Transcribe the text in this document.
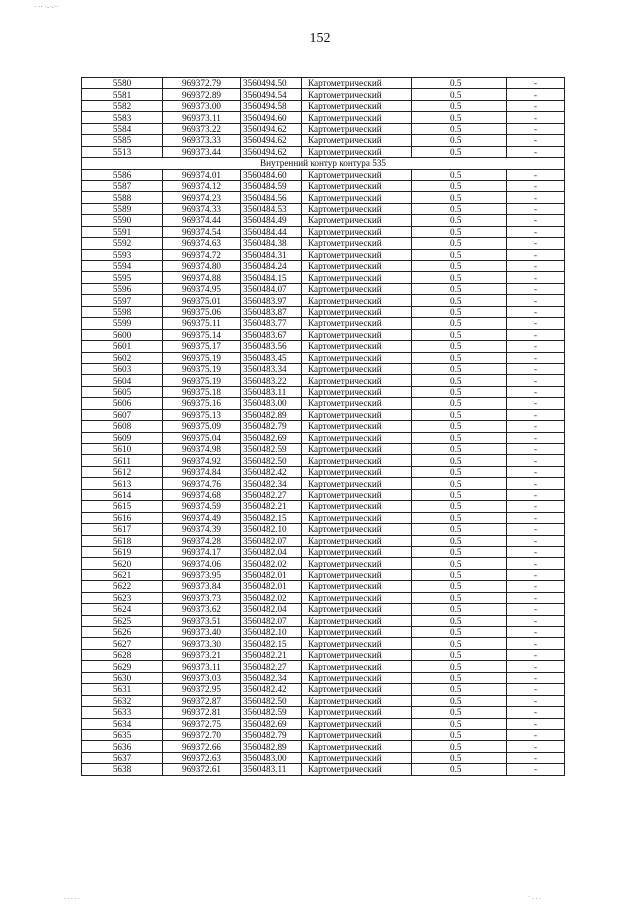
· ·· ·-·-··
152
5580	969372.79	3560494.50	Картометрический	0.5	-
5581	969372.89	3560494.54	Картометрический	0.5	-
5582	969373.00	3560494.58	Картометрический	0.5	-
5583	969373.11	3560494.60	Картометрический	0.5	-
5584	969373.22	3560494.62	Картометрический	0.5	-
5585	969373.33	3560494.62	Картометрический	0.5	-
5513	969373.44	3560494.62	Картометрический	0.5	-
Внутренний контур контура 535					
5586	969374.01	3560484.60	Картометрический	0.5	-
5587	969374.12	3560484.59	Картометрический	0.5	-
5588	969374.23	3560484.56	Картометрический	0.5	-
5589	969374.33	3560484.53	Картометрический	0.5	-
5590	969374.44	3560484.49	Картометрический	0.5	-
5591	969374.54	3560484.44	Картометрический	0.5	-
5592	969374.63	3560484.38	Картометрический	0.5	-
5593	969374.72	3560484.31	Картометрический	0.5	-
5594	969374.80	3560484.24	Картометрический	0.5	-
5595	969374.88	3560484.15	Картометрический	0.5	-
5596	969374.95	3560484.07	Картометрический	0.5	-
5597	969375.01	3560483.97	Картометрический	0.5	-
5598	969375.06	3560483.87	Картометрический	0.5	-
5599	969375.11	3560483.77	Картометрический	0.5	-
5600	969375.14	3560483.67	Картометрический	0.5	-
5601	969375.17	3560483.56	Картометрический	0.5	-
5602	969375.19	3560483.45	Картометрический	0.5	-
5603	969375.19	3560483.34	Картометрический	0.5	-
5604	969375.19	3560483.22	Картометрический	0.5	-
5605	969375.18	3560483.11	Картометрический	0.5	-
5606	969375.16	3560483.00	Картометрический	0.5	-
5607	969375.13	3560482.89	Картометрический	0.5	-
5608	969375.09	3560482.79	Картометрический	0.5	-
5609	969375.04	3560482.69	Картометрический	0.5	-
5610	969374.98	3560482.59	Картометрический	0.5	-
5611	969374.92	3560482.50	Картометрический	0.5	-
5612	969374.84	3560482.42	Картометрический	0.5	-
5613	969374.76	3560482.34	Картометрический	0.5	-
5614	969374.68	3560482.27	Картометрический	0.5	-
5615	969374.59	3560482.21	Картометрический	0.5	-
5616	969374.49	3560482.15	Картометрический	0.5	-
5617	969374.39	3560482.10	Картометрический	0.5	-
5618	969374.28	3560482.07	Картометрический	0.5	-
5619	969374.17	3560482.04	Картометрический	0.5	-
5620	969374.06	3560482.02	Картометрический	0.5	-
5621	969373.95	3560482.01	Картометрический	0.5	-
5622	969373.84	3560482.01	Картометрический	0.5	-
5623	969373.73	3560482.02	Картометрический	0.5	-
5624	969373.62	3560482.04	Картометрический	0.5	-
5625	969373.51	3560482.07	Картометрический	0.5	-
5626	969373.40	3560482.10	Картометрический	0.5	-
5627	969373.30	3560482.15	Картометрический	0.5	-
5628	969373.21	3560482.21	Картометрический	0.5	-
5629	969373.11	3560482.27	Картометрический	0.5	-
5630	969373.03	3560482.34	Картометрический	0.5	-
5631	969372.95	3560482.42	Картометрический	0.5	-
5632	969372.87	3560482.50	Картометрический	0.5	-
5633	969372.81	3560482.59	Картометрический	0.5	-
5634	969372.75	3560482.69	Картометрический	0.5	-
5635	969372.70	3560482.79	Картометрический	0.5	-
5636	969372.66	3560482.89	Картометрический	0.5	-
5637	969372.63	3560483.00	Картометрический	0.5	-
5638	969372.61	3560483.11	Картометрический	0.5	-
. . . . .	· . . .
